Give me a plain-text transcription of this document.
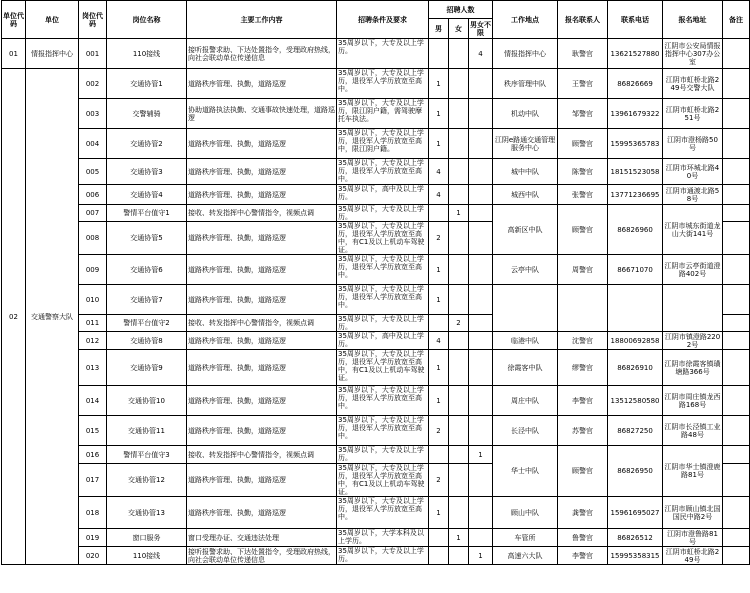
单位代码	单位	岗位代码	岗位名称	主要工作内容	招聘条件及要求	招聘人数			工作地点	报名联系人	联系电话	报名地址	备注
						男	女	男女不限					
01	情报指挥中心	001	110接线	接听报警求助、下达处置指令，受理政府热线，向社会联动单位传递信息	35周岁以下，大专及以上学历。			4	情报指挥中心	耿警官	13621527880	江阴市公安局情报指挥中心307办公室	
02	交通警察大队	002	交通协管1	道路秩序管理、执勤，道路巡逻	35周岁以下，大专及以上学历，退役军人学历放宽至高中。	1			秩序管理中队	王警官	86826669	江阴市虹桥北路249号交警大队	
		003	交警辅骑	协助道路执法执勤、交通事故快速处理，道路巡逻	35周岁以下，大专及以上学历，限江阴户籍，需驾驶摩托车执法。	1			机动中队	邹警官	13961679322	江阴市虹桥北路251号	
		004	交通协管2	道路秩序管理、执勤，道路巡逻	35周岁以下，大专及以上学历，退役军人学历放宽至高中，限江阴户籍。	1			江阴e路通交通管理服务中心	顾警官	15995365783	江阴市澄杨路50号	
		005	交通协管3	道路秩序管理、执勤，道路巡逻	35周岁以下，大专及以上学历，退役军人学历放宽至高中。	4			城中中队	陈警官	18151523058	江阴市环城北路40号	
		006	交通协管4	道路秩序管理、执勤，道路巡逻	35周岁以下，高中及以上学历。	4			城西中队	张警官	13771236695	江阴市通渡北路58号	
		007	警情平台值守1	接收、转发指挥中心警情指令，视频点调	35周岁以下，大专及以上学历。		1		高新区中队	顾警官	86826960	江阴市城东街道龙山大街141号	
		008	交通协管5	道路秩序管理、执勤，道路巡逻	35周岁以下，大专及以上学历，退役军人学历放宽至高中，有C1及以上机动车驾驶证。	2							
		009	交通协管6	道路秩序管理、执勤，道路巡逻	35周岁以下，大专及以上学历，退役军人学历放宽至高中。	1			云亭中队	周警官	86671070	江阴市云亭街道澄路402号	
		010	交通协管7	道路秩序管理、执勤，道路巡逻	35周岁以下，大专及以上学历，退役军人学历放宽至高中。	1							
		011	警情平台值守2	接收、转发指挥中心警情指令，视频点调	35周岁以下，大专及以上学历。		2						
		012	交通协管8	道路秩序管理、执勤，道路巡逻	35周岁以下，高中及以上学历。	4			临港中队	沈警官	18800692858	江阴市镇澄路2202号	
		013	交通协管9	道路秩序管理、执勤，道路巡逻	35周岁以下，大专及以上学历，退役军人学历放宽至高中，有C1及以上机动车驾驶证。	1			徐霞客中队	缪警官	86826910	江阴市徐霞客镇璜塘路366号	
		014	交通协管10	道路秩序管理、执勤，道路巡逻	35周岁以下，大专及以上学历，退役军人学历放宽至高中。	1			周庄中队	李警官	13512580580	江阴市周庄镇龙西路168号	
		015	交通协管11	道路秩序管理、执勤，道路巡逻	35周岁以下，大专及以上学历，退役军人学历放宽至高中。	2			长泾中队	苏警官	86827250	江阴市长泾镇工业路48号	
		016	警情平台值守3	接收、转发指挥中心警情指令，视频点调	35周岁以下，大专及以上学历。			1	华士中队	顾警官	86826950	江阴市华士镇澄鹿路81号	
		017	交通协管12	道路秩序管理、执勤，道路巡逻	35周岁以下，大专及以上学历，退役军人学历放宽至高中，有C1及以上机动车驾驶证。	2							
		018	交通协管13	道路秩序管理、执勤，道路巡逻	35周岁以下，大专及以上学历，退役军人学历放宽至高中。	1			顾山中队	龚警官	15961695027	江阴市顾山镇北国国民中路2号	
		019	窗口服务	窗口受理办证、交通违法处理	35周岁以下，大学本科及以上学历。		1		车管所	鲁警官	86826512	江阴市澄鲁路81号	
		020	110接线	接听报警求助、下达处置指令，受理政府热线，向社会联动单位传递信息	35周岁以下，大专及以上学历。			1	高速六大队	李警官	15995358315	江阴市虹桥北路249号	
